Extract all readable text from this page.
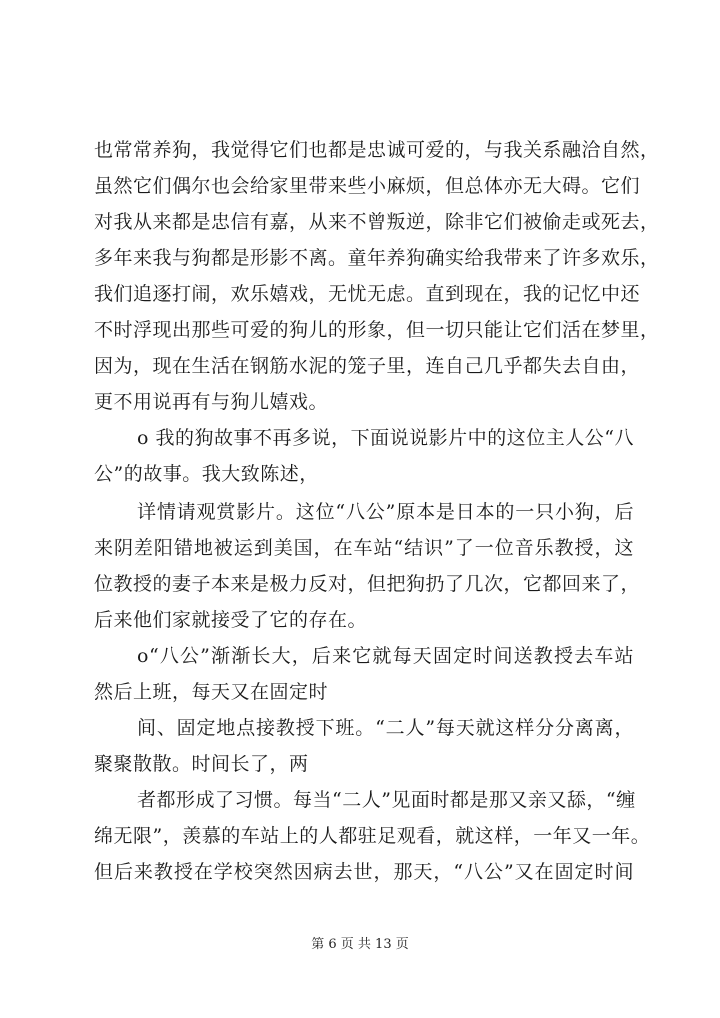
也常常养狗，我觉得它们也都是忠诚可爱的，与我关系融洽自然，
虽然它们偶尔也会给家里带来些小麻烦，但总体亦无大碍。它们
对我从来都是忠信有嘉，从来不曾叛逆，除非它们被偷走或死去，
多年来我与狗都是形影不离。童年养狗确实给我带来了许多欢乐，
我们追逐打闹，欢乐嬉戏，无忧无虑。直到现在，我的记忆中还
不时浮现出那些可爱的狗儿的形象，但一切只能让它们活在梦里，
因为，现在生活在钢筋水泥的笼子里，连自己几乎都失去自由，
更不用说再有与狗儿嬉戏。
o 我的狗故事不再多说，下面说说影片中的这位主人公“八
公”的故事。我大致陈述，
详情请观赏影片。这位“八公”原本是日本的一只小狗，后
来阴差阳错地被运到美国，在车站“结识”了一位音乐教授，这
位教授的妻子本来是极力反对，但把狗扔了几次，它都回来了，
后来他们家就接受了它的存在。
o“八公”渐渐长大，后来它就每天固定时间送教授去车站
然后上班，每天又在固定时
间、固定地点接教授下班。“二人”每天就这样分分离离，
聚聚散散。时间长了，两
者都形成了习惯。每当“二人”见面时都是那又亲又舔，“缠
绵无限”，羡慕的车站上的人都驻足观看，就这样，一年又一年。
但后来教授在学校突然因病去世，那天，“八公”又在固定时间
第 6 页 共 13 页
